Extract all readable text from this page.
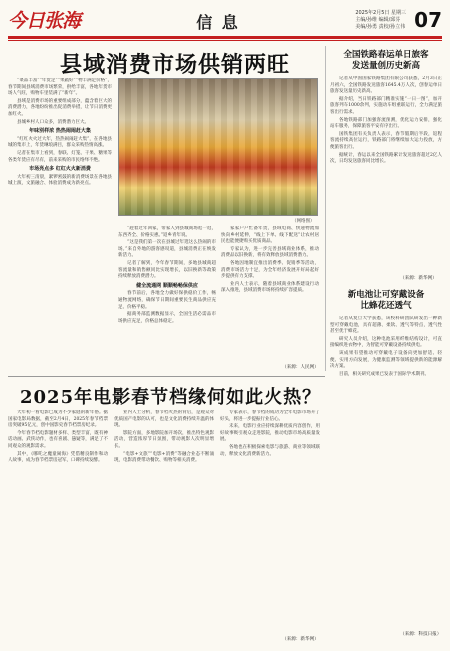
今日张海	信 息	2025年2月5日 星期三
主编/孙维 编辑/邱芬
美编/孙勇 责校/孙立伟 07
县域消费市场供销两旺

“菜品丰富”“年货足”“果蔬好”“物丰满足价格”，春节期间县域消费市场繁荣，供给丰富，各地年货市场人气旺，购物车里装满了“新年”。

县域是消费市场的重要组成部分，蕴含着巨大的消费潜力，各地纷纷推出促消费举措，让节日消费更加红火。

县城乡村人口众多，消费潜力巨大。

年味别样浓 热热闹闹赶大集

“红红火火过大年，热热闹闹赶大集”，在各地县城的集市上，年货琳琅满目，群众采购热情高涨。

记者在集市上看到，春联、灯笼、干果、糖果等各类年货应有尽有，前来采购的市民络绎不绝。

市场亮点多 红红火火新消费

大年初三清晨，紧锣密鼓的新消费场景在各地县城上演，文旅融合、体验消费成为新亮点。

（网络图）

“趁着过年回家，带家人到县城商场逛一逛，东西齐全、价格实惠。”返乡青年说。

“这是我们第一次在县城过年逛这么热闹的市场。”来自外地的游客感叹道，县城消费正在焕发新活力。

记者了解到，今年春节期间，多地县城商超客流量和销售额同比实现增长，以旧换新等政策持续释放消费潜力。

健全流通网 顺顺畅畅保供应

春节前后，各地全力做好保供稳价工作，畅通物流网络，确保节日期间重要民生商品供应充足、价格平稳。

据商务部监测数据显示，全国生活必需品市场供应充足，价格总体稳定。

家家户户忙备年货，县域电商、快递物流加快向乡村延伸，“线上下单、线下配送”让农村居民也能便捷购买优质商品。

专家认为，进一步完善县域商业体系，推动消费品以旧换新，将有效释放县域消费潜力。

各地因地制宜推出消费季、促销季等活动，消费市场活力十足，为全年经济发展开好局起好步提供有力支撑。

业内人士表示，随着县域商业体系建设行动深入推进，县域消费市场将持续扩容提质。

（来源：人民网）
全国铁路春运单日旅客
发送量创历史新高

记者从中国国家铁路集团有限公司获悉，2月3日正月初六，全国铁路发送旅客1645.4万人次，创春运单日旅客发送量历史新高。

据介绍，当日铁路部门精准实施“一日一图”，加开旅客列车1000余列，实施动车组重联运行，全力满足旅客出行需求。

各地铁路部门加强客流预测，优化运力安排，强化站车服务，保障旅客平安有序出行。

国铁集团有关负责人表示，春节假期后半段，返程客流持续高位运行，铁路部门将继续加大运力投放，方便旅客出行。

据统计，春运以来全国铁路累计发送旅客超过2亿人次，日均发送旅客同比增长。

（来源：新华网）
新电池让可穿戴设备
比蜂花还透气

记者从复旦大学获悉，该校科研团队研发出一种新型可穿戴电池，具有超薄、柔软、透气等特点，透气性甚至优于蜂花。

研究人员介绍，这种电池采用纤维结构设计，可直接编织进衣物中，为智能可穿戴设备持续供电。

该成果有望推动可穿戴电子设备向更加舒适、轻便、实用方向发展，为健康监测等领域提供新的能源解决方案。

目前，相关研究成果已发表于国际学术期刊。

（来源：科技日报）
2025年电影春节档缘何如此火热？

大年初一看电影已成为不少家庭的新年俗。据国家电影局数据，截至2月4日，2025年春节档票房突破95亿元，创中国影史春节档票房纪录。

今年春节档电影题材多样、类型丰富，既有神话动画、武侠动作，也有喜剧、悬疑等，满足了不同观众的观影需求。

其中，《哪吒之魔童闹海》凭借精良制作和动人故事，成为春节档票房冠军，口碑持续发酵。

业内人士分析，春节档火热的背后，是观众对优质国产电影的认可，也是文化消费持续升温的体现。

影院方面，多地影院加开场次，推出特色观影活动，营造浓厚节日氛围，带动观影人次明显增长。

“电影+文旅”“电影+消费”等融合业态不断涌现，电影消费带动餐饮、购物等相关消费。

专家表示，春节档的成功为全年电影市场开了好头，将进一步提振行业信心。

未来，电影行业应持续深耕优质内容创作，用好故事吸引观众走进影院，推动电影市场高质量发展。

各地也在积极探索电影与旅游、商业等领域联动，释放文化消费新活力。

（来源：新华网）
